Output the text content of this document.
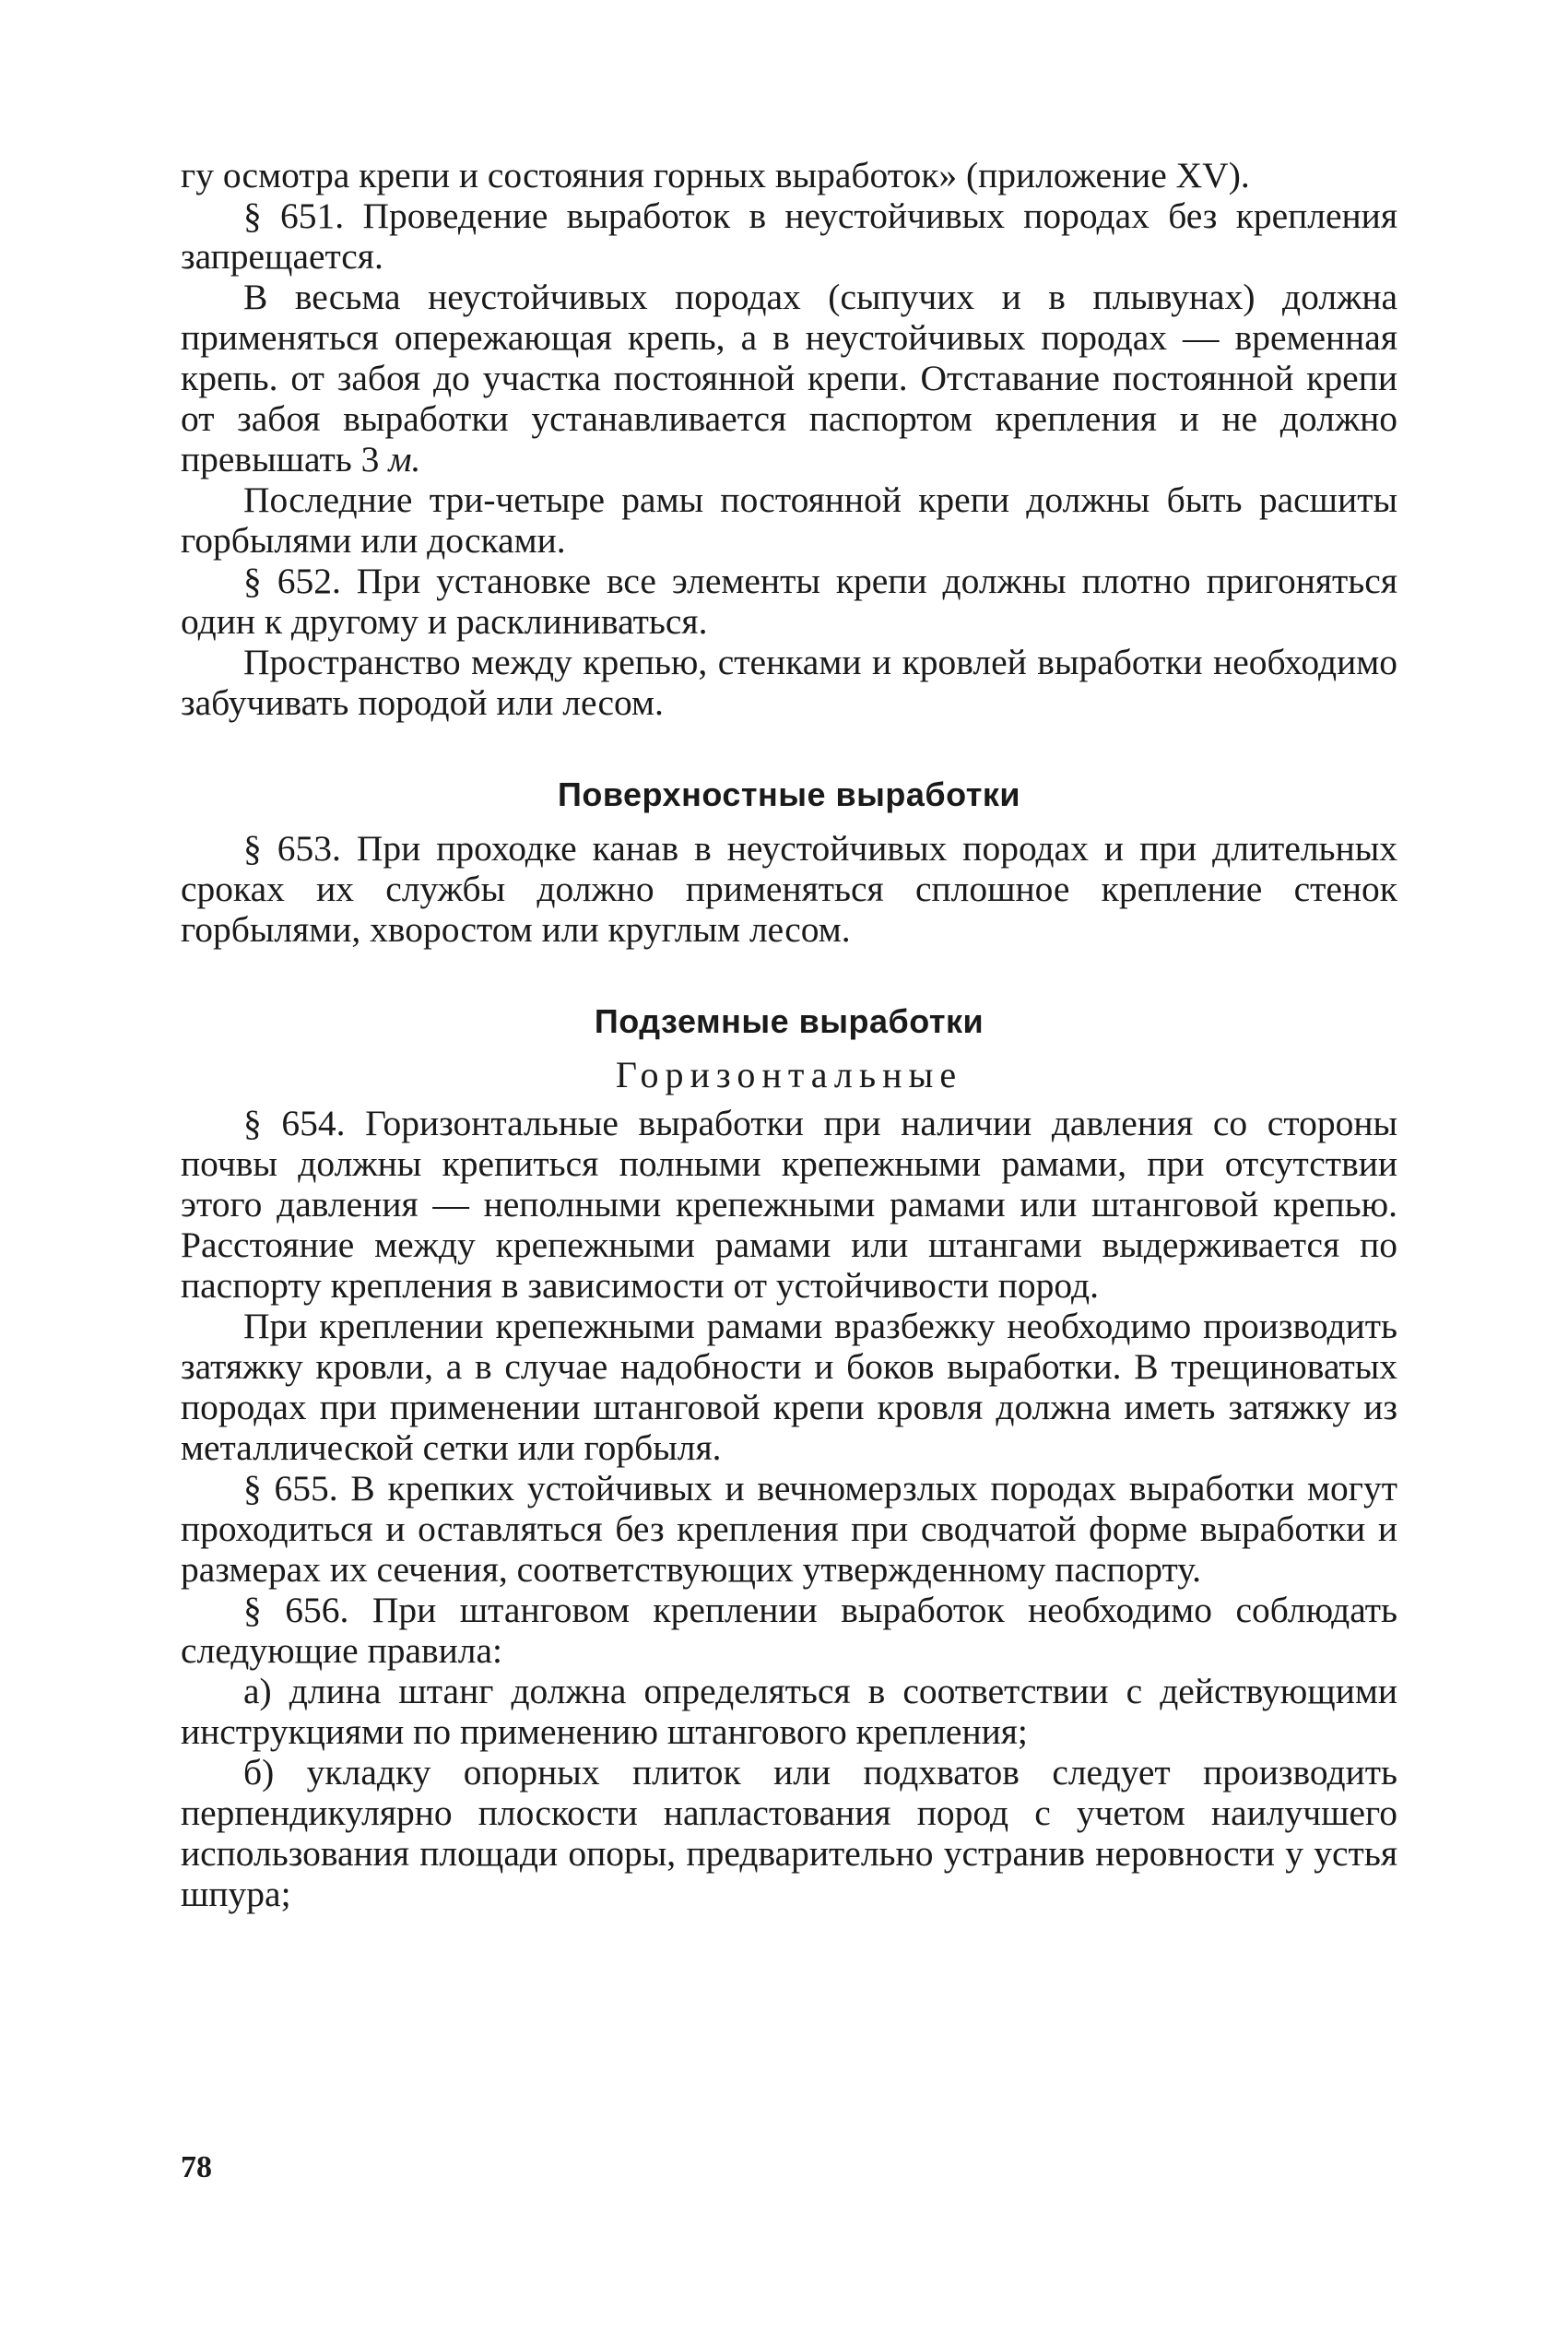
гу осмотра крепи и состояния горных выработок» (приложение XV).

§ 651. Проведение выработок в неустойчивых породах без крепления запрещается.

В весьма неустойчивых породах (сыпучих и в плывунах) должна применяться опережающая крепь, а в неустойчивых породах — временная крепь. от забоя до участка постоянной крепи. Отставание постоянной крепи от забоя выработки устанавливается паспортом крепления и не должно превышать 3 м.

Последние три-четыре рамы постоянной крепи должны быть расшиты горбылями или досками.

§ 652. При установке все элементы крепи должны плотно пригоняться один к другому и расклиниваться.

Пространство между крепью, стенками и кровлей выработки необходимо забучивать породой или лесом.

Поверхностные выработки

§ 653. При проходке канав в неустойчивых породах и при длительных сроках их службы должно применяться сплошное крепление стенок горбылями, хворостом или круглым лесом.

Подземные выработки
Горизонтальные

§ 654. Горизонтальные выработки при наличии давления со стороны почвы должны крепиться полными крепежными рамами, при отсутствии этого давления — неполными крепежными рамами или штанговой крепью. Расстояние между крепежными рамами или штангами выдерживается по паспорту крепления в зависимости от устойчивости пород.

При креплении крепежными рамами вразбежку необходимо производить затяжку кровли, а в случае надобности и боков выработки. В трещиноватых породах при применении штанговой крепи кровля должна иметь затяжку из металлической сетки или горбыля.

§ 655. В крепких устойчивых и вечномерзлых породах выработки могут проходиться и оставляться без крепления при сводчатой форме выработки и размерах их сечения, соответствующих утвержденному паспорту.

§ 656. При штанговом креплении выработок необходимо соблюдать следующие правила:

а) длина штанг должна определяться в соответствии с действующими инструкциями по применению штангового крепления;

б) укладку опорных плиток или подхватов следует производить перпендикулярно плоскости напластования пород с учетом наилучшего использования площади опоры, предварительно устранив неровности у устья шпура;

78
